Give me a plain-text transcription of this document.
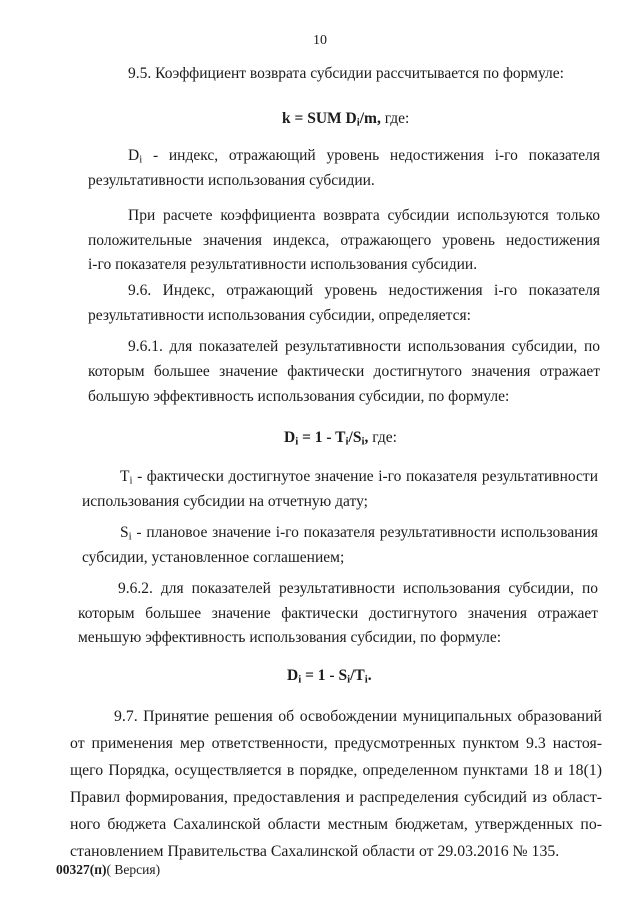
10
9.5. Коэффициент возврата субсидии рассчитывается по формуле:
k = SUM $D_i/m$, где:
$D_i$ - индекс, отражающий уровень недостижения i-го показателя
результативности использования субсидии.
При расчете коэффициента возврата субсидии используются только
положительные значения индекса, отражающего уровень недостижения
i-го показателя результативности использования субсидии.
9.6. Индекс, отражающий уровень недостижения i-го показателя
результативности использования субсидии, определяется:
9.6.1. для показателей результативности использования субсидии, по
которым большее значение фактически достигнутого значения отражает
большую эффективность использования субсидии, по формуле:
$D_i = 1 - T_i/S_i$, где:
$T_i$ - фактически достигнутое значение i-го показателя результативности
использования субсидии на отчетную дату;
$S_i$ - плановое значение i-го показателя результативности использования
субсидии, установленное соглашением;
9.6.2. для показателей результативности использования субсидии, по
которым большее значение фактически достигнутого значения отражает
меньшую эффективность использования субсидии, по формуле:
$D_i = 1 - S_i/T_i$.
9.7. Принятие решения об освобождении муниципальных образований
от применения мер ответственности, предусмотренных пунктом 9.3 настоя-
щего Порядка, осуществляется в порядке, определенном пунктами 18 и 18(1)
Правил формирования, предоставления и распределения субсидий из област-
ного бюджета Сахалинской области местным бюджетам, утвержденных по-
становлением Правительства Сахалинской области от 29.03.2016 № 135.
00327(п)( Версия)
